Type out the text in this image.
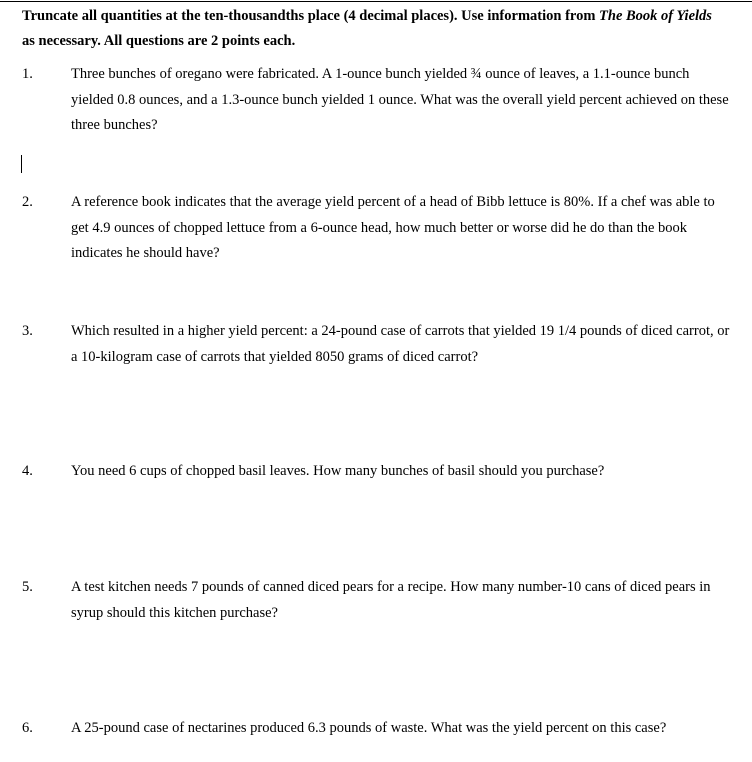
Truncate all quantities at the ten-thousandths place (4 decimal places). Use information from The Book of Yields
as necessary. All questions are 2 points each.
1.	Three bunches of oregano were fabricated. A 1-ounce bunch yielded ¾ ounce of leaves, a 1.1-ounce bunch
yielded 0.8 ounces, and a 1.3-ounce bunch yielded 1 ounce. What was the overall yield percent achieved on these
three bunches?
2.	A reference book indicates that the average yield percent of a head of Bibb lettuce is 80%. If a chef was able to
get 4.9 ounces of chopped lettuce from a 6-ounce head, how much better or worse did he do than the book
indicates he should have?
3.	Which resulted in a higher yield percent: a 24-pound case of carrots that yielded 19 1/4 pounds of diced carrot, or
a 10-kilogram case of carrots that yielded 8050 grams of diced carrot?
4.	You need 6 cups of chopped basil leaves. How many bunches of basil should you purchase?
5.	A test kitchen needs 7 pounds of canned diced pears for a recipe. How many number-10 cans of diced pears in
syrup should this kitchen purchase?
6.	A 25-pound case of nectarines produced 6.3 pounds of waste. What was the yield percent on this case?
